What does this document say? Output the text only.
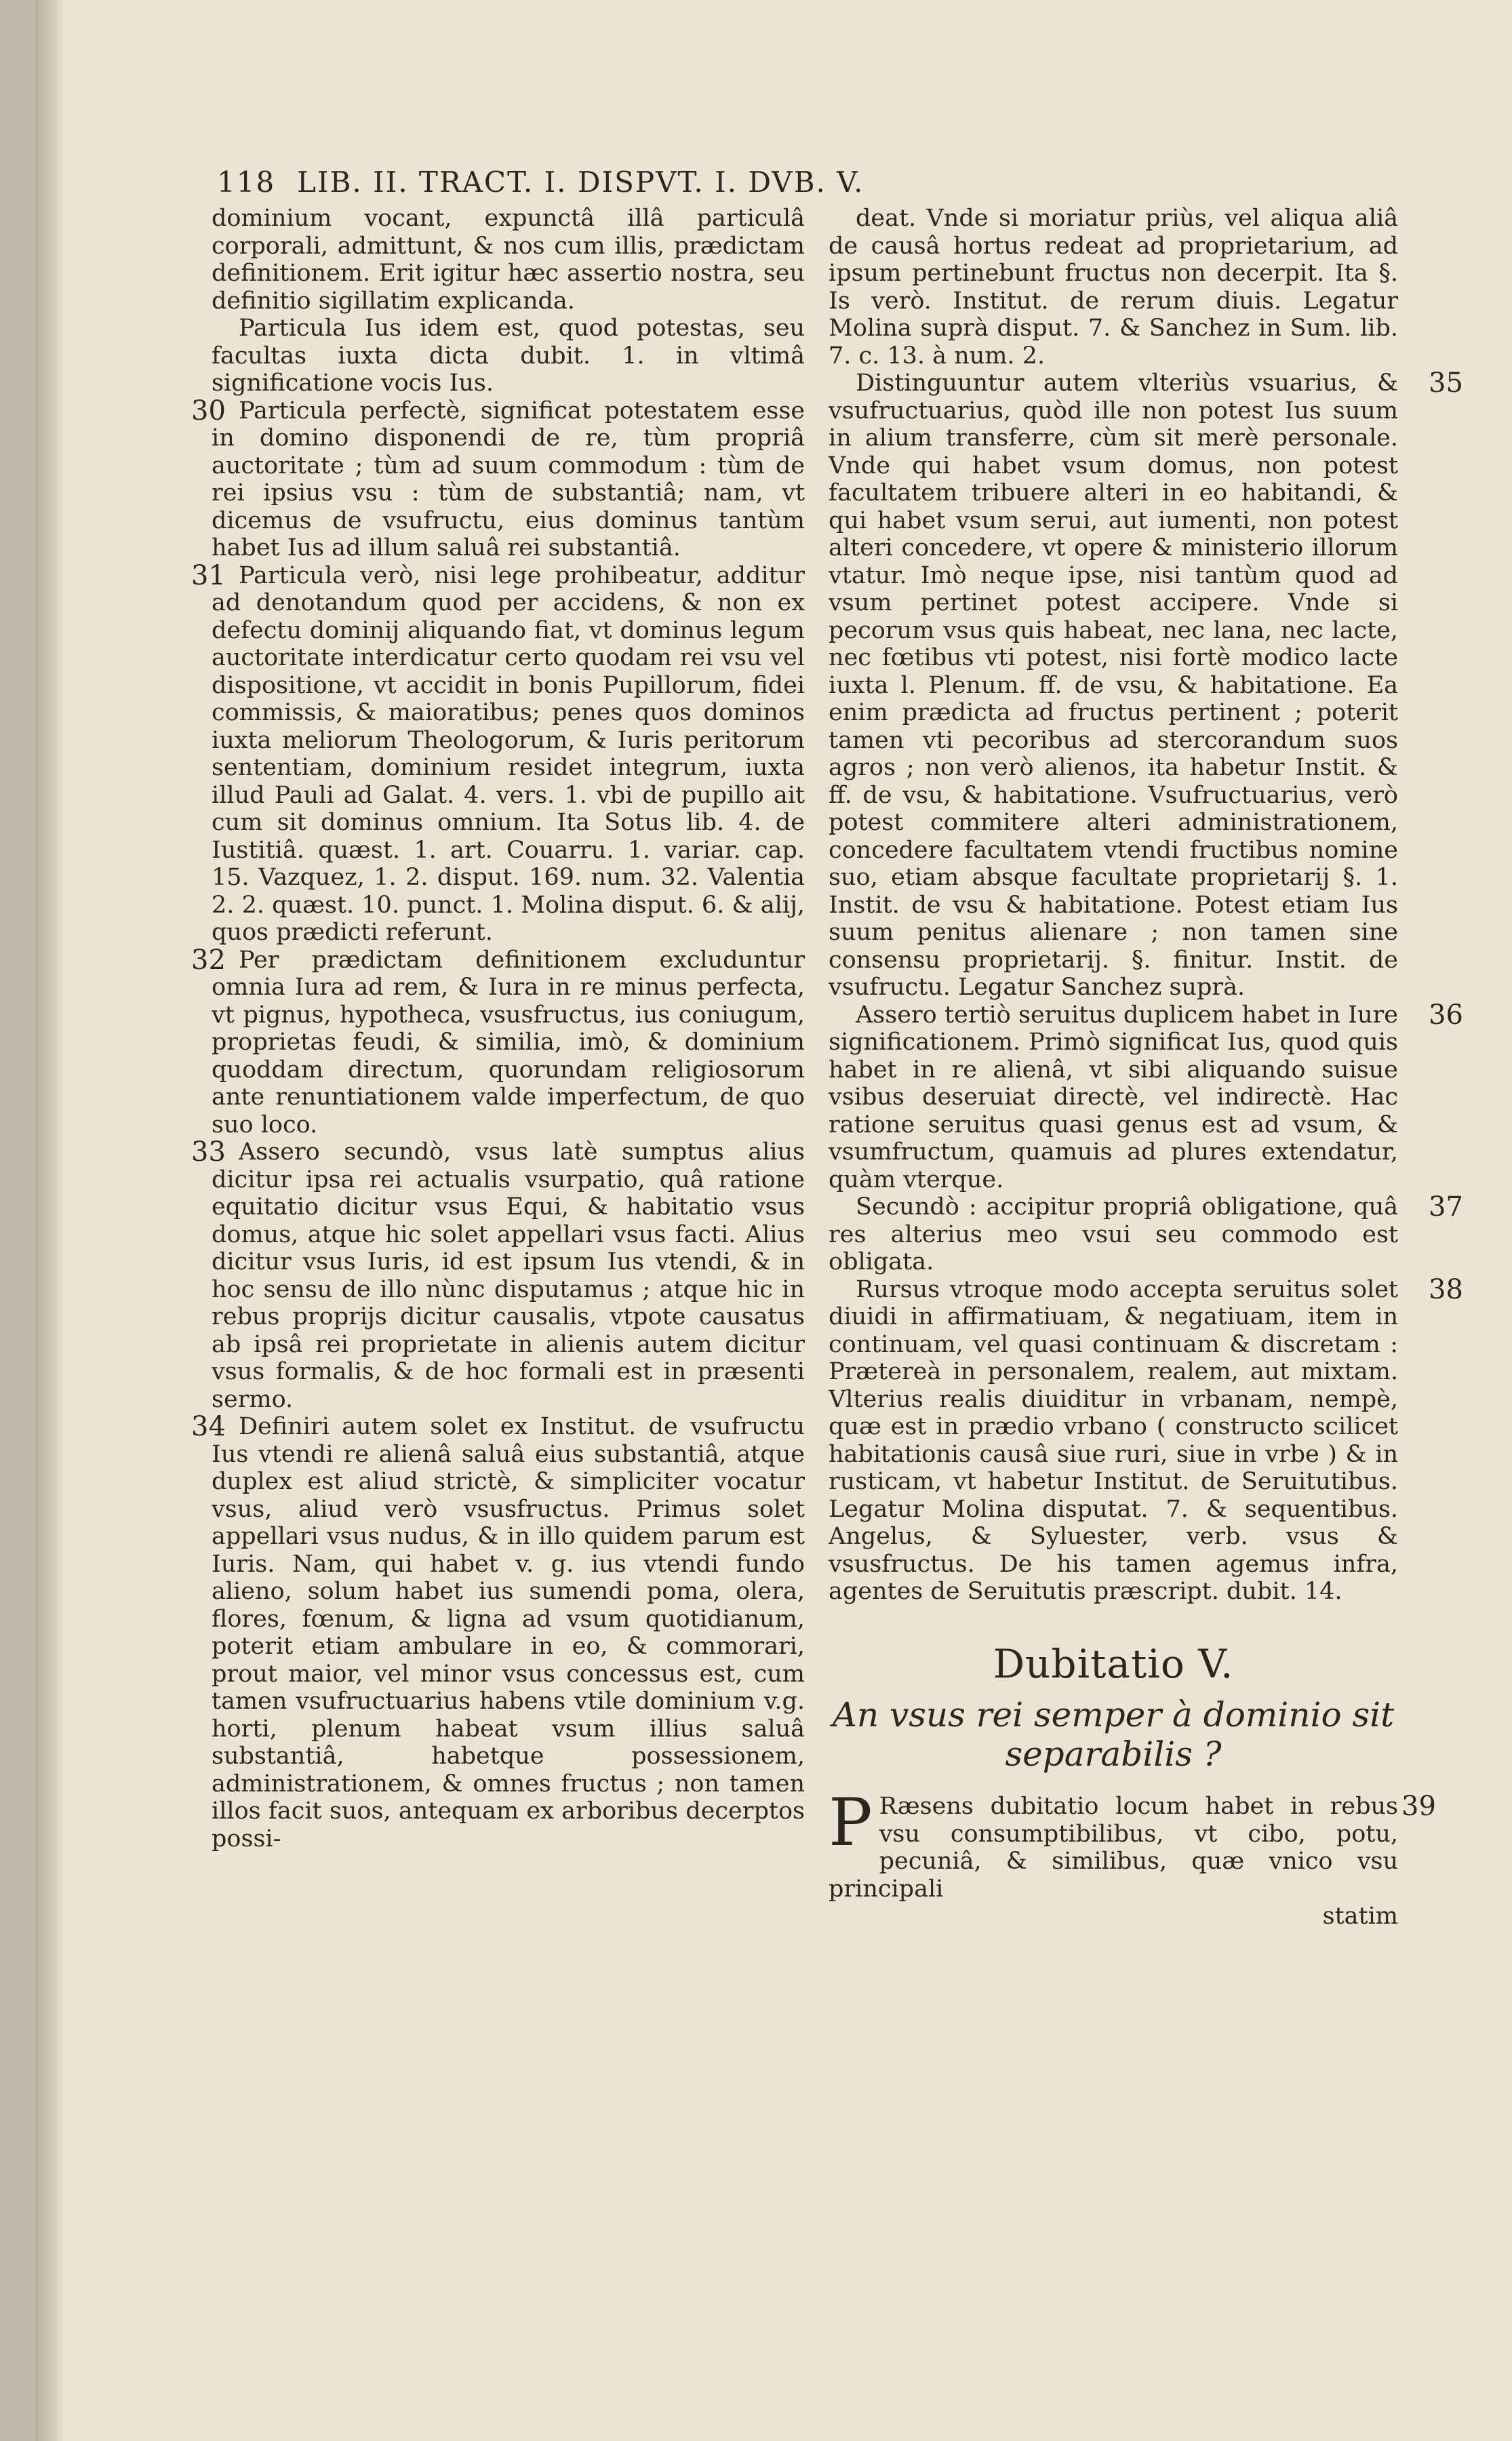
118 LIB. II. TRACT. I. DISPVT. I. DVB. V.

dominium vocant, expunctâ illâ particulâ corporali, admittunt, & nos cum illis, prædictam definitionem. Erit igitur hæc assertio nostra, seu definitio sigillatim explicanda.

Particula Ius idem est, quod potestas, seu facultas iuxta dicta dubit. 1. in vltimâ significatione vocis Ius.

30 Particula perfectè, significat potestatem esse in domino disponendi de re, tùm propriâ auctoritate ; tùm ad suum commodum : tùm de rei ipsius vsu : tùm de substantiâ; nam, vt dicemus de vsufructu, eius dominus tantùm habet Ius ad illum saluâ rei substantiâ.

31 Particula verò, nisi lege prohibeatur, additur ad denotandum quod per accidens, & non ex defectu dominij aliquando fiat, vt dominus legum auctoritate interdicatur certo quodam rei vsu vel dispositione, vt accidit in bonis Pupillorum, fidei commissis, & maioratibus; penes quos dominos iuxta meliorum Theologorum, & Iuris peritorum sententiam, dominium residet integrum, iuxta illud Pauli ad Galat. 4. vers. 1. vbi de pupillo ait cum sit dominus omnium. Ita Sotus lib. 4. de Iustitiâ. quæst. 1. art. Couarru. 1. variar. cap. 15. Vazquez, 1. 2. disput. 169. num. 32. Valentia 2. 2. quæst. 10. punct. 1. Molina disput. 6. & alij, quos prædicti referunt.

32 Per prædictam definitionem excluduntur omnia Iura ad rem, & Iura in re minus perfecta, vt pignus, hypotheca, vsusfructus, ius coniugum, proprietas feudi, & similia, imò, & dominium quoddam directum, quorundam religiosorum ante renuntiationem valde imperfectum, de quo suo loco.

33 Assero secundò, vsus latè sumptus alius dicitur ipsa rei actualis vsurpatio, quâ ratione equitatio dicitur vsus Equi, & habitatio vsus domus, atque hic solet appellari vsus facti. Alius dicitur vsus Iuris, id est ipsum Ius vtendi, & in hoc sensu de illo nùnc disputamus ; atque hic in rebus proprijs dicitur causalis, vtpote causatus ab ipsâ rei proprietate in alienis autem dicitur vsus formalis, & de hoc formali est in præsenti sermo.

34 Definiri autem solet ex Institut. de vsufructu Ius vtendi re alienâ saluâ eius substantiâ, atque duplex est aliud strictè, & simpliciter vocatur vsus, aliud verò vsusfructus. Primus solet appellari vsus nudus, & in illo quidem parum est Iuris. Nam, qui habet v. g. ius vtendi fundo alieno, solum habet ius sumendi poma, olera, flores, fœnum, & ligna ad vsum quotidianum, poterit etiam ambulare in eo, & commorari, prout maior, vel minor vsus concessus est, cum tamen vsufructuarius habens vtile dominium v.g. horti, plenum habeat vsum illius saluâ substantiâ, habetque possessionem, administrationem, & omnes fructus ; non tamen illos facit suos, antequam ex arboribus decerptos possi-

deat. Vnde si moriatur priùs, vel aliqua aliâ de causâ hortus redeat ad proprietarium, ad ipsum pertinebunt fructus non decerpit. Ita §. Is verò. Institut. de rerum diuis. Legatur Molina suprà disput. 7. & Sanchez in Sum. lib. 7. c. 13. à num. 2.

35
Distinguuntur autem vlteriùs vsuarius, & vsufructuarius, quòd ille non potest Ius suum in alium transferre, cùm sit merè personale. Vnde qui habet vsum domus, non potest facultatem tribuere alteri in eo habitandi, & qui habet vsum serui, aut iumenti, non potest alteri concedere, vt opere & ministerio illorum vtatur. Imò neque ipse, nisi tantùm quod ad vsum pertinet potest accipere. Vnde si pecorum vsus quis habeat, nec lana, nec lacte, nec fœtibus vti potest, nisi fortè modico lacte iuxta l. Plenum. ff. de vsu, & habitatione. Ea enim prædicta ad fructus pertinent ; poterit tamen vti pecoribus ad stercorandum suos agros ; non verò alienos, ita habetur Instit. & ff. de vsu, & habitatione. Vsufructuarius, verò potest commitere alteri administrationem, concedere facultatem vtendi fructibus nomine suo, etiam absque facultate proprietarij §. 1. Instit. de vsu & habitatione. Potest etiam Ius suum penitus alienare ; non tamen sine consensu proprietarij. §. finitur. Instit. de vsufructu. Legatur Sanchez suprà.

36
Assero tertiò seruitus duplicem habet in Iure significationem. Primò significat Ius, quod quis habet in re alienâ, vt sibi aliquando suisue vsibus deseruiat directè, vel indirectè. Hac ratione seruitus quasi genus est ad vsum, & vsumfructum, quamuis ad plures extendatur, quàm vterque.

37
Secundò : accipitur propriâ obligatione, quâ res alterius meo vsui seu commodo est obligata.

38
Rursus vtroque modo accepta seruitus solet diuidi in affirmatiuam, & negatiuam, item in continuam, vel quasi continuam & discretam : Prætereà in personalem, realem, aut mixtam. Vlterius realis diuiditur in vrbanam, nempè, quæ est in prædio vrbano ( constructo scilicet habitationis causâ siue ruri, siue in vrbe ) & in rusticam, vt habetur Institut. de Seruitutibus. Legatur Molina disputat. 7. & sequentibus. Angelus, & Syluester, verb. vsus & vsusfructus. De his tamen agemus infra, agentes de Seruitutis præscript. dubit. 14.

Dubitatio V.
An vsus rei semper à dominio sit separabilis ?

39
P Ræsens dubitatio locum habet in rebus vsu consumptibilibus, vt cibo, potu, pecuniâ, & similibus, quæ vnico vsu principali

statim
